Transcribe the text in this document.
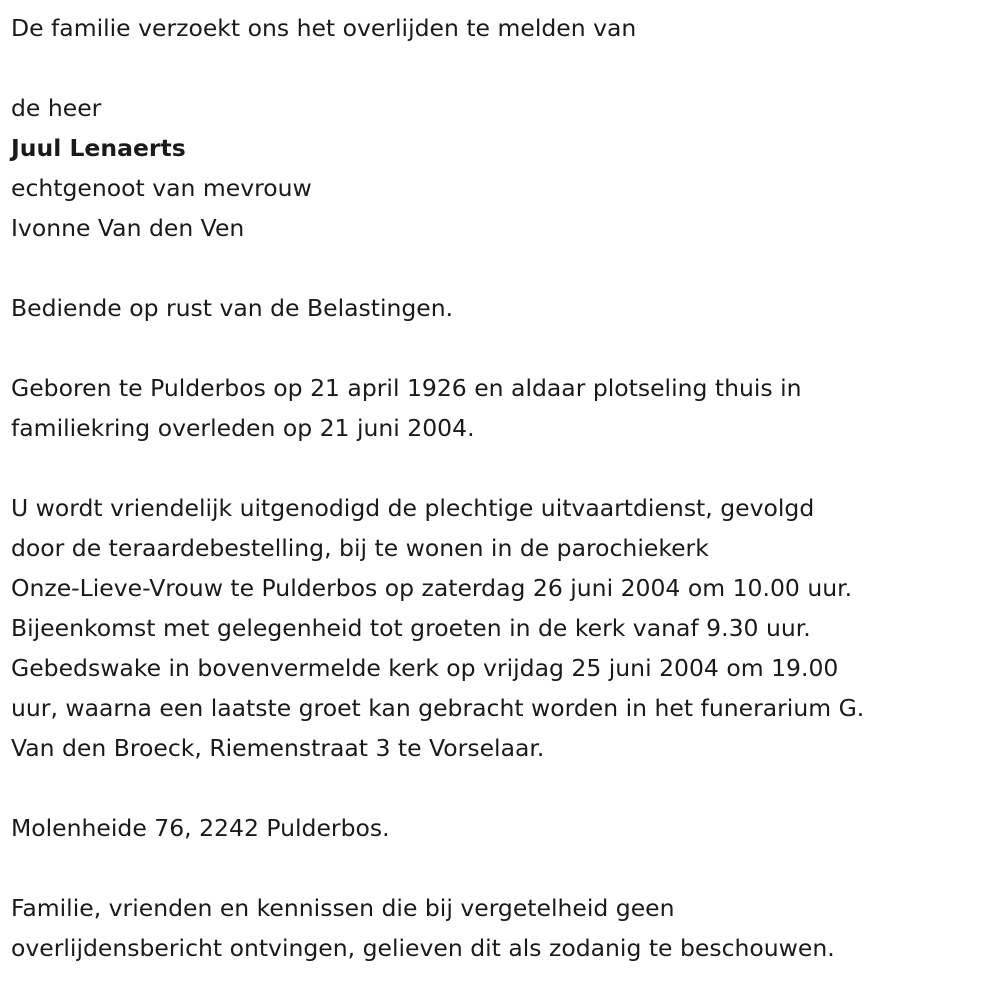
De familie verzoekt ons het overlijden te melden van

de heer

Juul Lenaerts

echtgenoot van mevrouw

Ivonne Van den Ven

Bediende op rust van de Belastingen.

Geboren te Pulderbos op 21 april 1926 en aldaar plotseling thuis in
familiekring overleden op 21 juni 2004.

U wordt vriendelijk uitgenodigd de plechtige uitvaartdienst, gevolgd
door de teraardebestelling, bij te wonen in de parochiekerk
Onze-Lieve-Vrouw te Pulderbos op zaterdag 26 juni 2004 om 10.00 uur.
Bijeenkomst met gelegenheid tot groeten in de kerk vanaf 9.30 uur.
Gebedswake in bovenvermelde kerk op vrijdag 25 juni 2004 om 19.00
uur, waarna een laatste groet kan gebracht worden in het funerarium G.
Van den Broeck, Riemenstraat 3 te Vorselaar.

Molenheide 76, 2242 Pulderbos.

Familie, vrienden en kennissen die bij vergetelheid geen
overlijdensbericht ontvingen, gelieven dit als zodanig te beschouwen.
